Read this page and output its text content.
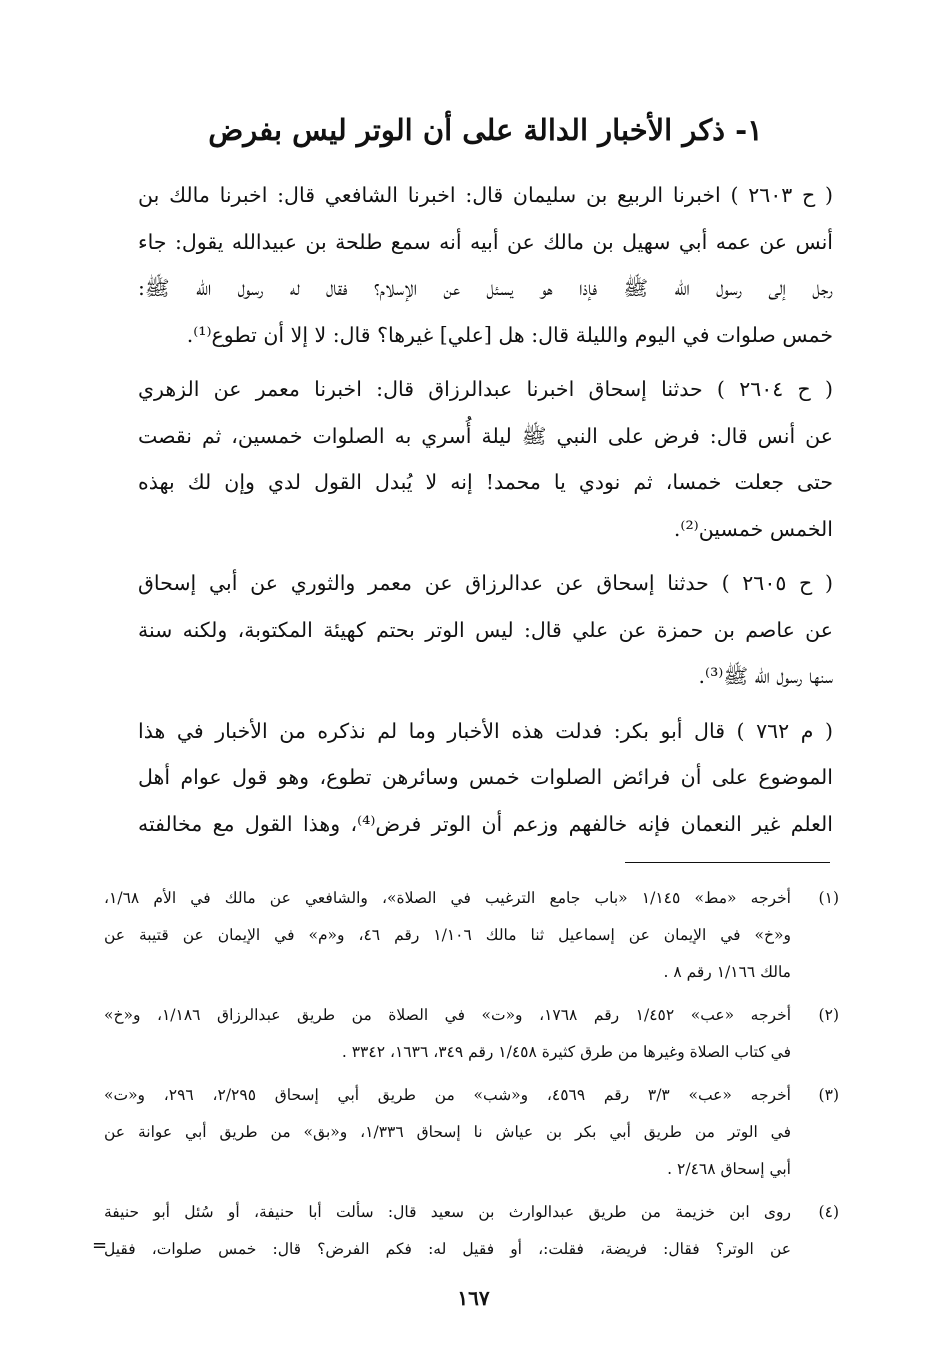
١- ذكر الأخبار الدالة على أن الوتر ليس بفرض

( ح ٢٦٠٣ ) اخبرنا الربيع بن سليمان قال: اخبرنا الشافعي قال: اخبرنا مالك بن
أنس عن عمه أبي سهيل بن مالك عن أبيه أنه سمع طلحة بن عبيدالله يقول: جاء
رجل إلى رسول الله ﷺ فإذا هو يسئل عن الإسلام؟ فقال له رسول الله ﷺ:
خمس صلوات في اليوم والليلة قال: هل [علي] غيرها؟ قال: لا إلا أن تطوع⁽¹⁾.

( ح ٢٦٠٤ ) حدثنا إسحاق اخبرنا عبدالرزاق قال: اخبرنا معمر عن الزهري
عن أنس قال: فرض على النبي ﷺ ليلة أُسري به الصلوات خمسين، ثم نقصت
حتى جعلت خمسا، ثم نودي يا محمد! إنه لا يُبدل القول لدي وإن لك بهذه
الخمس خمسين⁽²⁾.

( ح ٢٦٠٥ ) حدثنا إسحاق عن عدالرزاق عن معمر والثوري عن أبي إسحاق
عن عاصم بن حمزة عن علي قال: ليس الوتر بحتم كهيئة المكتوبة، ولكنه سنة
سنها رسول الله ﷺ⁽³⁾.

( م ٧٦٢ ) قال أبو بكر: فدلت هذه الأخبار وما لم نذكره من الأخبار في هذا
الموضوع على أن فرائض الصلوات خمس وسائرهن تطوع، وهو قول عوام أهل
العلم غير النعمان فإنه خالفهم وزعم أن الوتر فرض⁽⁴⁾، وهذا القول مع مخالفته

(١)
أخرجه «مط» ١/١٤٥ «باب جامع الترغيب في الصلاة»، والشافعي عن مالك في الأم ١/٦٨،
و«خ» في الإيمان عن إسماعيل ثنا مالك ١/١٠٦ رقم ٤٦، و«م» في الإيمان عن قتيبة عن
مالك ١/١٦٦ رقم ٨ .
(٢)
أخرجه «عب» ١/٤٥٢ رقم ١٧٦٨، و«ت» في الصلاة من طريق عبدالرزاق ١/١٨٦، و«خ»
في كتاب الصلاة وغيرها من طرق كثيرة ١/٤٥٨ رقم ٣٤٩، ١٦٣٦، ٣٣٤٢ .
(٣)
أخرجه «عب» ٣/٣ رقم ٤٥٦٩، و«شب» من طريق أبي إسحاق ٢/٢٩٥، ٢٩٦، و«ت»
في الوتر من طريق أبي بكر بن عياش نا إسحاق ١/٣٣٦، و«بق» من طريق أبي عوانة عن
أبي إسحاق ٢/٤٦٨ .
(٤)
روى ابن خزيمة من طريق عبدالوارث بن سعيد قال: سألت أبا حنيفة، أو سُئل أبو حنيفة
عن الوتر؟ فقال: فريضة، فقلت:، أو فقيل له: فكم الفرض؟ قال: خمس صلوات، فقيل
=
١٦٧
